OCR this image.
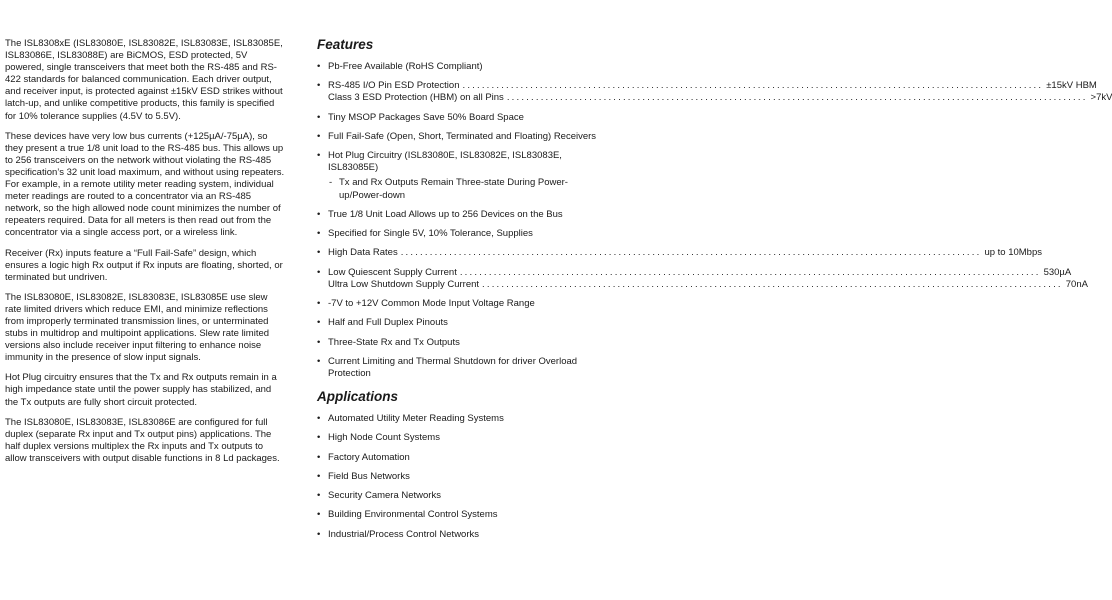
The ISL8308xE (ISL83080E, ISL83082E, ISL83083E, ISL83085E, ISL83086E, ISL83088E) are BiCMOS, ESD protected, 5V powered, single transceivers that meet both the RS-485 and RS-422 standards for balanced communication. Each driver output, and receiver input, is protected against ±15kV ESD strikes without latch-up, and unlike competitive products, this family is specified for 10% tolerance supplies (4.5V to 5.5V).

These devices have very low bus currents (+125µA/-75µA), so they present a true 1/8 unit load to the RS-485 bus. This allows up to 256 transceivers on the network without violating the RS-485 specification’s 32 unit load maximum, and without using repeaters. For example, in a remote utility meter reading system, individual meter readings are routed to a concentrator via an RS-485 network, so the high allowed node count minimizes the number of repeaters required. Data for all meters is then read out from the concentrator via a single access port, or a wireless link.

Receiver (Rx) inputs feature a “Full Fail-Safe” design, which ensures a logic high Rx output if Rx inputs are floating, shorted, or terminated but undriven.

The ISL83080E, ISL83082E, ISL83083E, ISL83085E use slew rate limited drivers which reduce EMI, and minimize reflections from improperly terminated transmission lines, or unterminated stubs in multidrop and multipoint applications. Slew rate limited versions also include receiver input filtering to enhance noise immunity in the presence of slow input signals.

Hot Plug circuitry ensures that the Tx and Rx outputs remain in a high impedance state until the power supply has stabilized, and the Tx outputs are fully short circuit protected.

The ISL83080E, ISL83083E, ISL83086E are configured for full duplex (separate Rx input and Tx output pins) applications. The half duplex versions multiplex the Rx inputs and Tx outputs to allow transceivers with output disable functions in 8 Ld packages.

Features
• Pb-Free Available (RoHS Compliant)
• RS-485 I/O Pin ESD Protection ........................................................................................................................ ±15kV HBM
Class 3 ESD Protection (HBM) on all Pins ........................................................................................................................ >7kV
• Tiny MSOP Packages Save 50% Board Space
• Full Fail-Safe (Open, Short, Terminated and Floating) Receivers
• Hot Plug Circuitry (ISL83080E, ISL83082E, ISL83083E, ISL83085E)
- Tx and Rx Outputs Remain Three-state During Power-up/Power-down
• True 1/8 Unit Load Allows up to 256 Devices on the Bus
• Specified for Single 5V, 10% Tolerance, Supplies
• High Data Rates ........................................................................................................................ up to 10Mbps
• Low Quiescent Supply Current ........................................................................................................................ 530µA
Ultra Low Shutdown Supply Current ........................................................................................................................ 70nA
• -7V to +12V Common Mode Input Voltage Range
• Half and Full Duplex Pinouts
• Three-State Rx and Tx Outputs
• Current Limiting and Thermal Shutdown for driver Overload Protection
Applications
• Automated Utility Meter Reading Systems
• High Node Count Systems
• Factory Automation
• Field Bus Networks
• Security Camera Networks
• Building Environmental Control Systems
• Industrial/Process Control Networks
